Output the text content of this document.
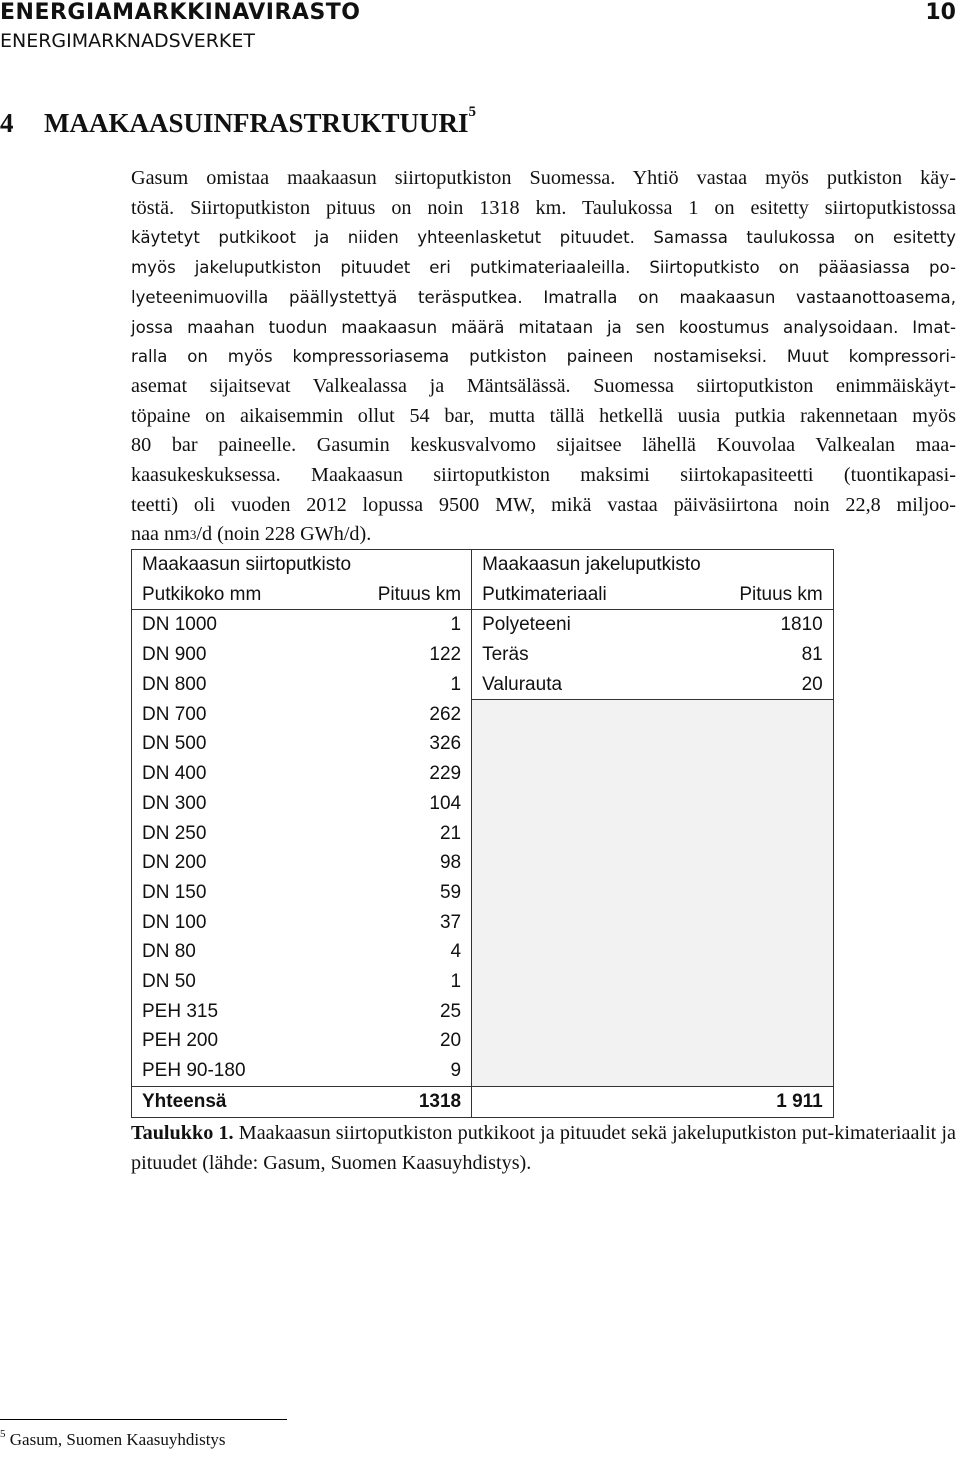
ENERGIAMARKKINAVIRASTO
ENERGIMARKNADSVERKET
10
4 MAAKAASUINFRASTRUKTUURI$^5$
Gasum omistaa maakaasun siirtoputkiston Suomessa. Yhtiö vastaa myös putkiston käy-
töstä. Siirtoputkiston pituus on noin 1318 km. Taulukossa 1 on esitetty siirtoputkistossa
käytetyt putkikoot ja niiden yhteenlasketut pituudet. Samassa taulukossa on esitetty
myös jakeluputkiston pituudet eri putkimateriaaleilla. Siirtoputkisto on pääasiassa po-
lyeteenimuovilla päällystettyä teräsputkea. Imatralla on maakaasun vastaanottoasema,
jossa maahan tuodun maakaasun määrä mitataan ja sen koostumus analysoidaan. Imat-
ralla on myös kompressoriasema putkiston paineen nostamiseksi. Muut kompressori-
asemat sijaitsevat Valkealassa ja Mäntsälässä. Suomessa siirtoputkiston enimmäiskäyt-
töpaine on aikaisemmin ollut 54 bar, mutta tällä hetkellä uusia putkia rakennetaan myös
80 bar paineelle. Gasumin keskusvalvomo sijaitsee lähellä Kouvolaa Valkealan maa-
kaasukeskuksessa. Maakaasun siirtoputkiston maksimi siirtokapasiteetti (tuontikapasi-
teetti) oli vuoden 2012 lopussa 9500 MW, mikä vastaa päiväsiirtona noin 22,8 miljoo-
naa $nm^3/d$ (noin 228 GWh/d).
Maakaasun siirtoputkisto		Maakaasun jakeluputkisto	
Putkikoko mm	Pituus km	Putkimateriaali	Pituus km
DN 1000	1	Polyeteeni	1810
DN 900	122	Teräs	81
DN 800	1	Valurauta	20
DN 700	262		
DN 500	326		
DN 400	229		
DN 300	104		
DN 250	21		
DN 200	98		
DN 150	59		
DN 100	37		
DN 80	4		
DN 50	1		
PEH 315	25		
PEH 200	20		
PEH 90-180	9		
Yhteensä	1318		1 911
Taulukko 1. Maakaasun siirtoputkiston putkikoot ja pituudet sekä jakeluputkiston put-kimateriaalit ja pituudet (lähde: Gasum, Suomen Kaasuyhdistys).
$^5$ Gasum, Suomen Kaasuyhdistys
